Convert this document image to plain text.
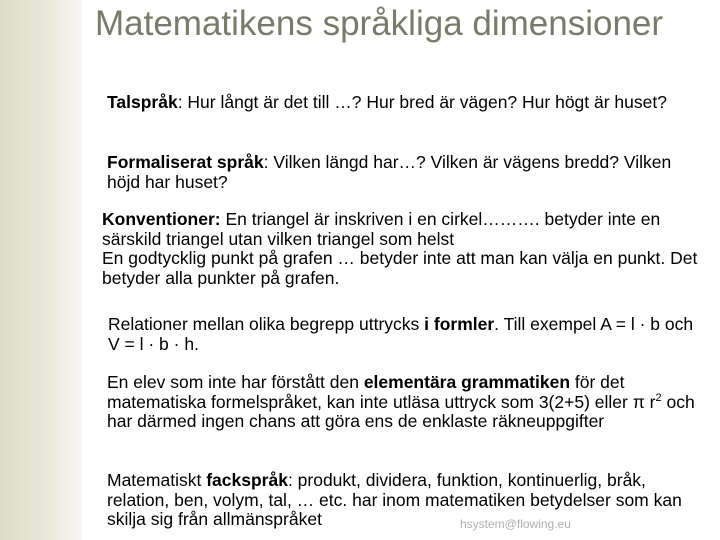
Matematikens språkliga dimensioner

Talspråk: Hur långt är det till …? Hur bred är vägen? Hur högt är huset?

Formaliserat språk: Vilken längd har…? Vilken är vägens bredd? Vilken höjd har huset?

Konventioner: En triangel är inskriven i en cirkel………. betyder inte en särskild triangel utan vilken triangel som helst
En godtycklig punkt på grafen … betyder inte att man kan välja en punkt. Det betyder alla punkter på grafen.

Relationer mellan olika begrepp uttrycks i formler. Till exempel A = l · b och V = l · b · h.

En elev som inte har förstått den elementära grammatiken för det matematiska formelspråket, kan inte utläsa uttryck som 3(2+5) eller π $r^2$ och har därmed ingen chans att göra ens de enklaste räkneuppgifter

Matematiskt fackspråk: produkt, dividera, funktion, kontinuerlig, bråk, relation, ben, volym, tal, … etc. har inom matematiken betydelser som kan skilja sig från allmänspråket	hsystem@flowing.eu
